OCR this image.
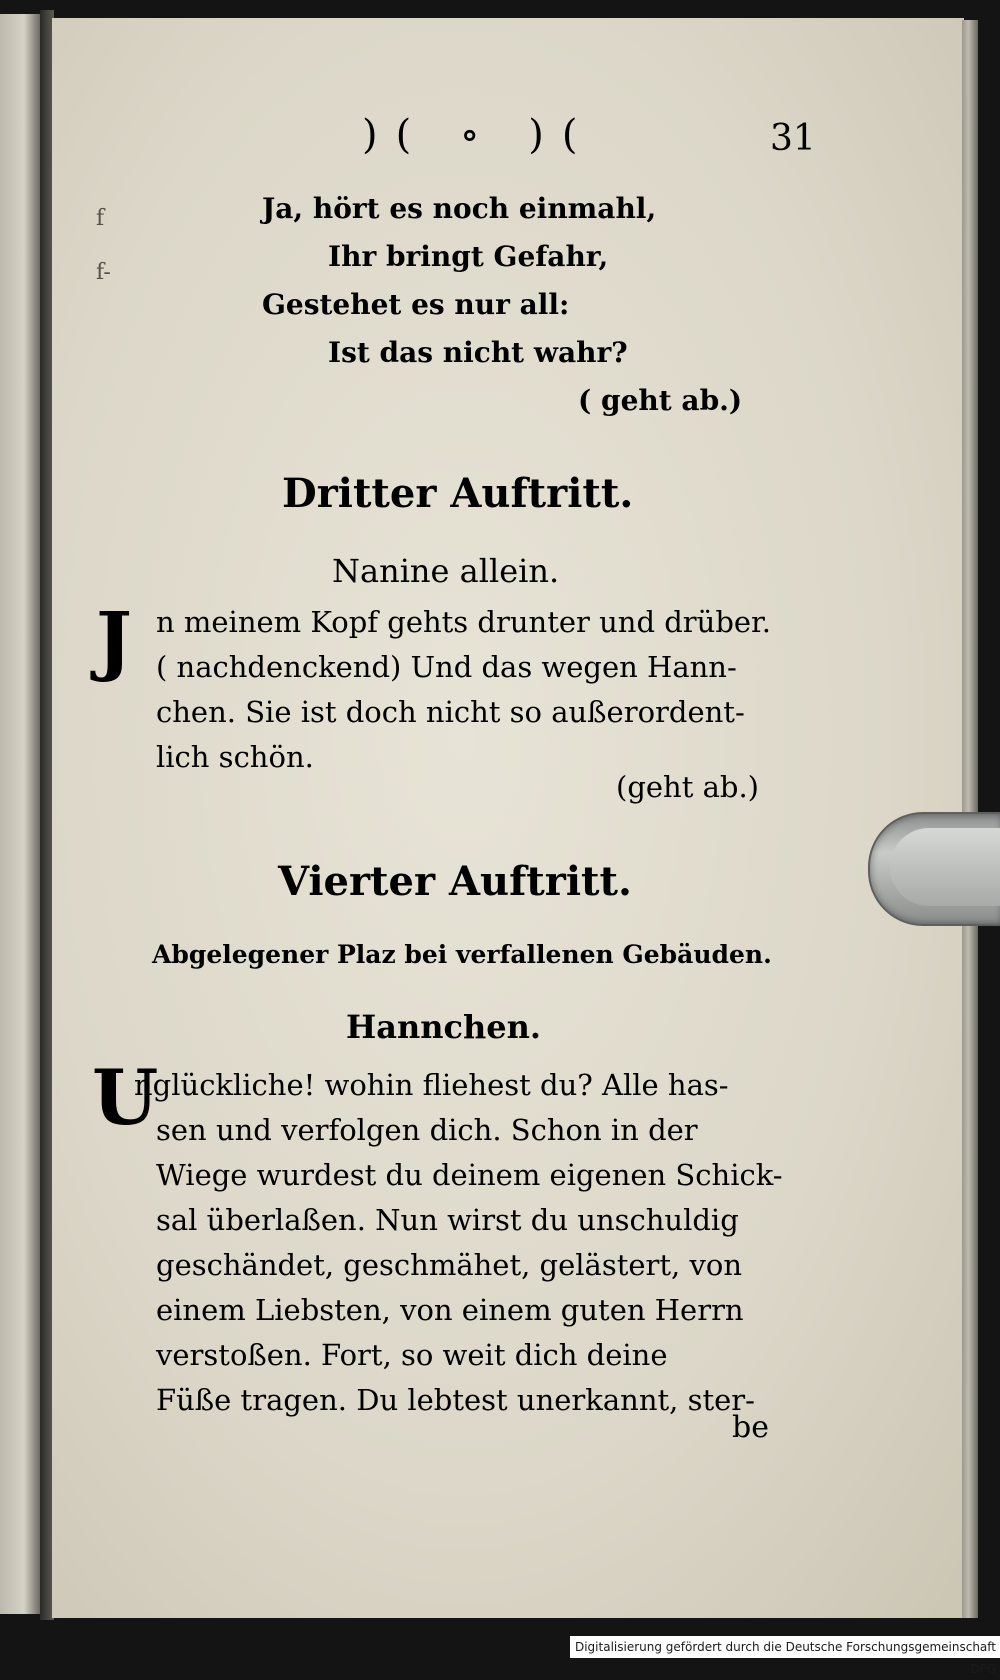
)( ∘ )(	31
f
f-
Ja, hört es noch einmahl,
Ihr bringt Gefahr,
Gestehet es nur all:
Ist das nicht wahr?
( geht ab.)
Dritter Auftritt.
Nanine allein.
J n meinem Kopf gehts drunter und drüber.
( nachdenckend) Und das wegen Hann-
chen. Sie ist doch nicht so außerordent-
lich schön.
(geht ab.)
Vierter Auftritt.
Abgelegener Plaz bei verfallenen Gebäuden.
Hannchen.
U
nglückliche! wohin fliehest du? Alle has-
sen und verfolgen dich. Schon in der
Wiege wurdest du deinem eigenen Schick-
sal überlaßen. Nun wirst du unschuldig
geschändet, geschmähet, gelästert, von
einem Liebsten, von einem guten Herrn
verstoßen. Fort, so weit dich deine
Füße tragen. Du lebtest unerkannt, ster-
be
Digitalisierung gefördert durch die Deutsche Forschungsgemeinschaft · DFG
